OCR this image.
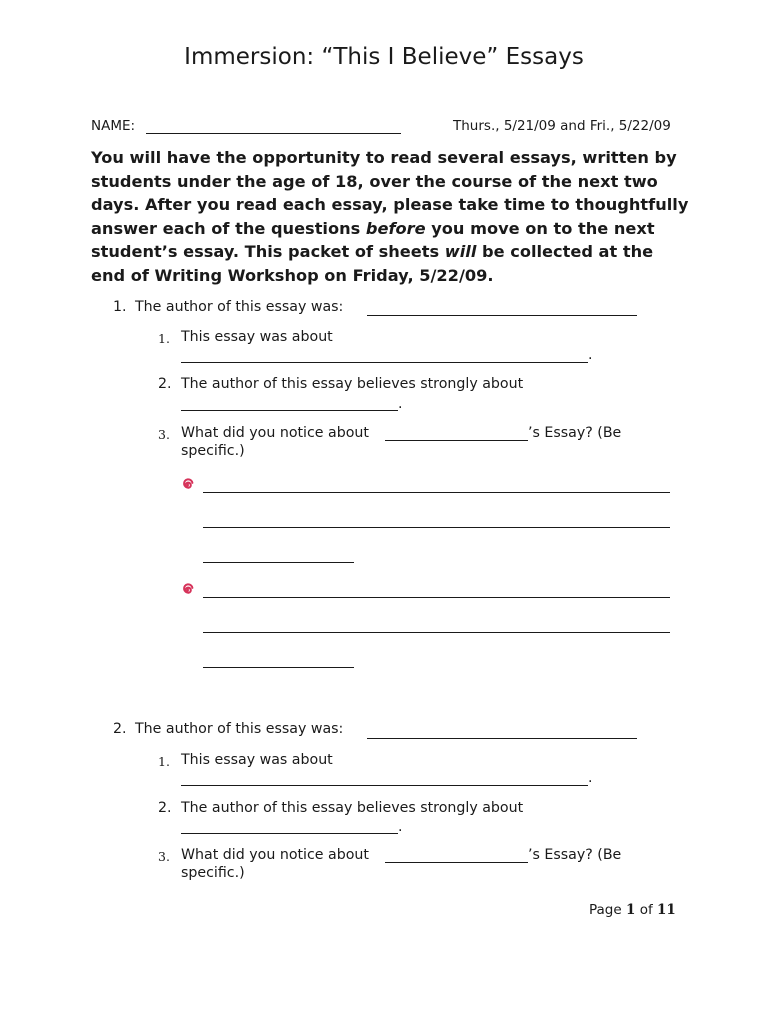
Immersion: “This I Believe” Essays
NAME:	Thurs., 5/21/09 and Fri., 5/22/09
You will have the opportunity to read several essays, written by students under the age of 18, over the course of the next two days. After you read each essay, please take time to thoughtfully answer each of the questions before you move on to the next student’s essay. This packet of sheets will be collected at the end of Writing Workshop on Friday, 5/22/09.
1. The author of this essay was:
1. This essay was about
.
2. The author of this essay believes strongly about
.
3. What did you notice about	’s Essay? (Be
specific.)
2. The author of this essay was:
1. This essay was about
.
2. The author of this essay believes strongly about
.
3. What did you notice about	’s Essay? (Be
specific.)
Page 1 of 11
